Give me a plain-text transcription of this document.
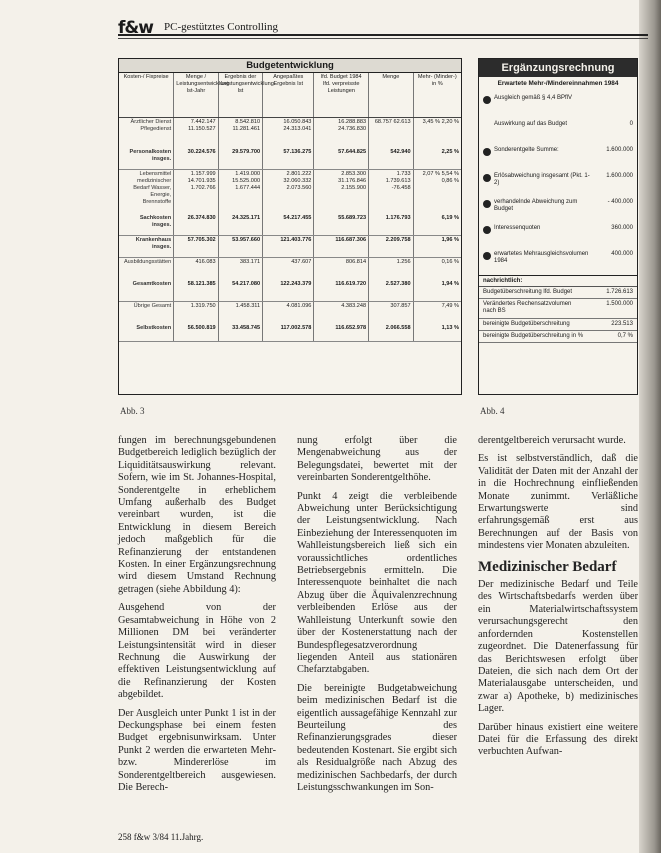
f&w PC-gestütztes Controlling
Budgetentwicklung
Kosten-/ Fixpreise	Menge / Leistungsentwicklung Ist-Jahr	Ergebnis der Leistungsentwicklung Ist	Angepaßtes Ergebnis Ist	lfd. Budget 1984
lfd. verpreisste Leistungen	Menge	Mehr- (Minder-) in %
Ärztlicher Dienst Pflegedienst	7.442.147 11.150.527	8.542.810 11.281.461	16.050.843 24.313.041	16.288.883 24.736.830	68.757 62.613	3,45 % 2,20 %
Personalkosten insges.	30.224.576	29.579.700	57.136.275	57.644.825	542.940	2,25 %
Lebensmittel medizinischer Bedarf Wasser, Energie, Brennstoffe	1.157.999 14.701.935 1.702.766	1.419.000 15.525.000 1.677.444	2.801.222 32.060.332 2.073.560	2.853.300 31.176.846 2.155.900	1.733 1.739.613 -76.458	2,07 % 5,54 % 0,86 %
Sachkosten insges.	26.374.830	24.325.171	54.217.455	55.689.723	1.176.793	6,19 %
Krankenhaus insges.	57.705.302	53.957.660	121.403.776	116.687.306	2.209.758	1,96 %
Ausbildungsstätten	416.083	383.171	437.607	806.814	1.256	0,16 %
Gesamtkosten	58.121.385	54.217.080	122.243.379	116.619.720	2.527.380	1,94 %
Übrige Gesamt	1.319.750	1.458.311	4.081.096	4.383.248	307.857	7,49 %
Selbstkosten	56.500.819	33.458.745	117.002.578	116.652.978	2.066.558	1,13 %
Ergänzungsrechnung
Erwartete Mehr-/Mindereinnahmen 1984
Ausgleich gemäß § 4,4 BPflV
Auswirkung auf das Budget	0
Sonderentgelte Summe:	1.600.000
Erlösabweichung insgesamt (Pkt. 1-2)
1.600.000
verhandelnde Abweichung zum Budget
- 400.000
Interessenquoten	360.000
erwartetes Mehrausgleichsvolumen 1984
400.000
nachrichtlich:
Budgetüberschreitung lfd. Budget	1.726.613
Verändertes Rechensatzvolumen nach BS
1.500.000
bereinigte Budgetüberschreitung	223.513
bereinigte Budgetüberschreitung in %	0,7 %
Abb. 3	Abb. 4

fungen im berechnungsgebundenen Budgetbereich lediglich bezüglich der Liquiditätsauswirkung relevant. Sofern, wie im St. Johannes-Hospital, Sonderentgelte in erheblichem Umfang außerhalb des Budget vereinbart wurden, ist die Entwicklung in diesem Bereich jedoch maßgeblich für die Refinanzierung der entstandenen Kosten. In einer Ergänzungsrechnung wird diesem Umstand Rechnung getragen (siehe Abbildung 4):

Ausgehend von der Gesamtabweichung in Höhe von 2 Millionen DM bei veränderter Leistungsintensität wird in dieser Rechnung die Auswirkung der effektiven Leistungsentwicklung auf die Refinanzierung der Kosten abgebildet.

Der Ausgleich unter Punkt 1 ist in der Deckungsphase bei einem festen Budget ergebnisunwirksam. Unter Punkt 2 werden die erwarteten Mehr- bzw. Mindererlöse im Sonderentgeltbereich ausgewiesen. Die Berech-

nung erfolgt über die Mengenabweichung aus der Belegungsdatei, bewertet mit der vereinbarten Sonderentgelthöhe.

Punkt 4 zeigt die verbleibende Abweichung unter Berücksichtigung der Leistungsentwicklung. Nach Einbeziehung der Interessenquoten im Wahlleistungsbereich ließ sich ein voraussichtliches ordentliches Betriebsergebnis ermitteln. Die Interessenquote beinhaltet die nach Abzug über die Äquivalenzrechnung verbleibenden Erlöse aus der Wahlleistung Unterkunft sowie den über der Kostenerstattung nach der Bundespflegesatzverordnung liegenden Anteil aus stationären Chefarztabgaben.

Die bereinigte Budgetabweichung beim medizinischen Bedarf ist die eigentlich aussagefähige Kennzahl zur Beurteilung des Refinanzierungsgrades dieser bedeutenden Kostenart. Sie ergibt sich als Residualgröße nach Abzug des medizinischen Sachbedarfs, der durch Leistungsschwankungen im Son-

derentgeltbereich verursacht wurde.

Es ist selbstverständlich, daß die Validität der Daten mit der Anzahl der in die Hochrechnung einfließenden Monate zunimmt. Verläßliche Erwartungswerte sind erfahrungsgemäß erst aus Berechnungen auf der Basis von mindestens vier Monaten abzuleiten.

Medizinischer Bedarf

Der medizinische Bedarf und Teile des Wirtschaftsbedarfs werden über ein Materialwirtschaftssystem verursachungsgerecht den anfordernden Kostenstellen zugeordnet. Die Datenerfassung für das Berichtswesen erfolgt über Dateien, die sich nach dem Ort der Materialausgabe unterscheiden, und zwar a) Apotheke, b) medizinisches Lager.

Darüber hinaus existiert eine weitere Datei für die Erfassung des direkt verbuchten Aufwan-

258 f&w 3/84 11.Jahrg.
